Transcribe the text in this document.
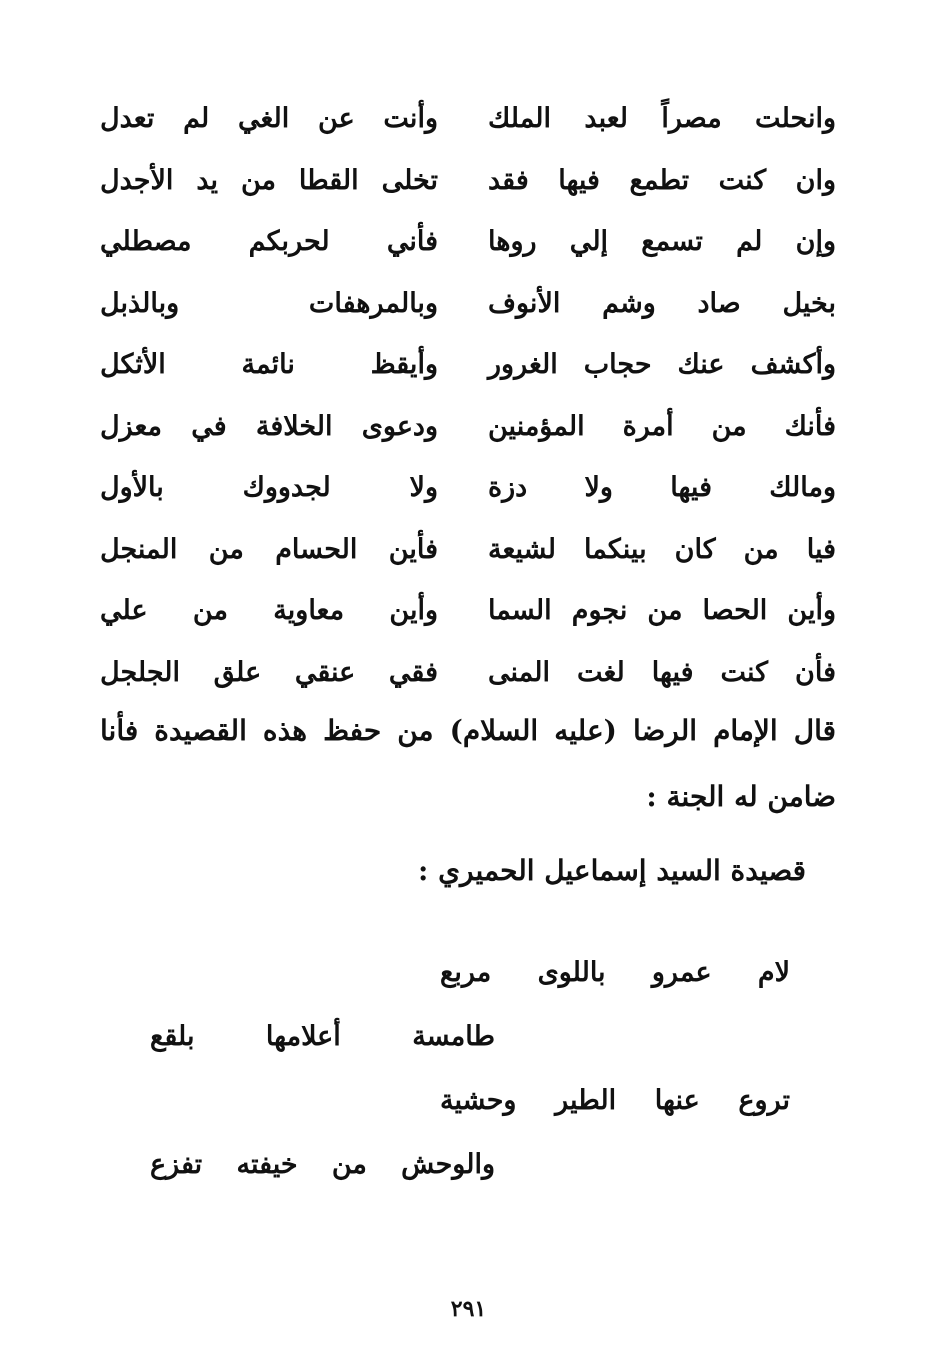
وانحلت مصراً لعبد الملك
وأنت عن الغي لم تعدل
وان كنت تطمع فيها فقد
تخلى القطا من يد الأجدل
وإن لم تسمع إلي روها
فأني لحربكم مصطلي
بخيل صاد وشم الأنوف
وبالمرهفات وبالذبل
وأكشف عنك حجاب الغرور
وأيقظ نائمة الأثكل
فأنك من أمرة المؤمنين
ودعوى الخلافة في معزل
ومالك فيها ولا دزة
ولا لجدووك بالأول
فيا من كان بينكما لشيعة
فأين الحسام من المنجل
وأين الحصا من نجوم السما
وأين معاوية من علي
فأن كنت فيها لغت المنى
فقي عنقي علق الجلجل
قال الإمام الرضا (عليه السلام) من حفظ هذه القصيدة فأنا
ضامن له الجنة :
قصيدة السيد إسماعيل الحميري :
لام عمرو باللوى مربع
طامسة أعلامها بلقع
تروع عنها الطير وحشية
والوحش من خيفته تفزع
٢٩١
